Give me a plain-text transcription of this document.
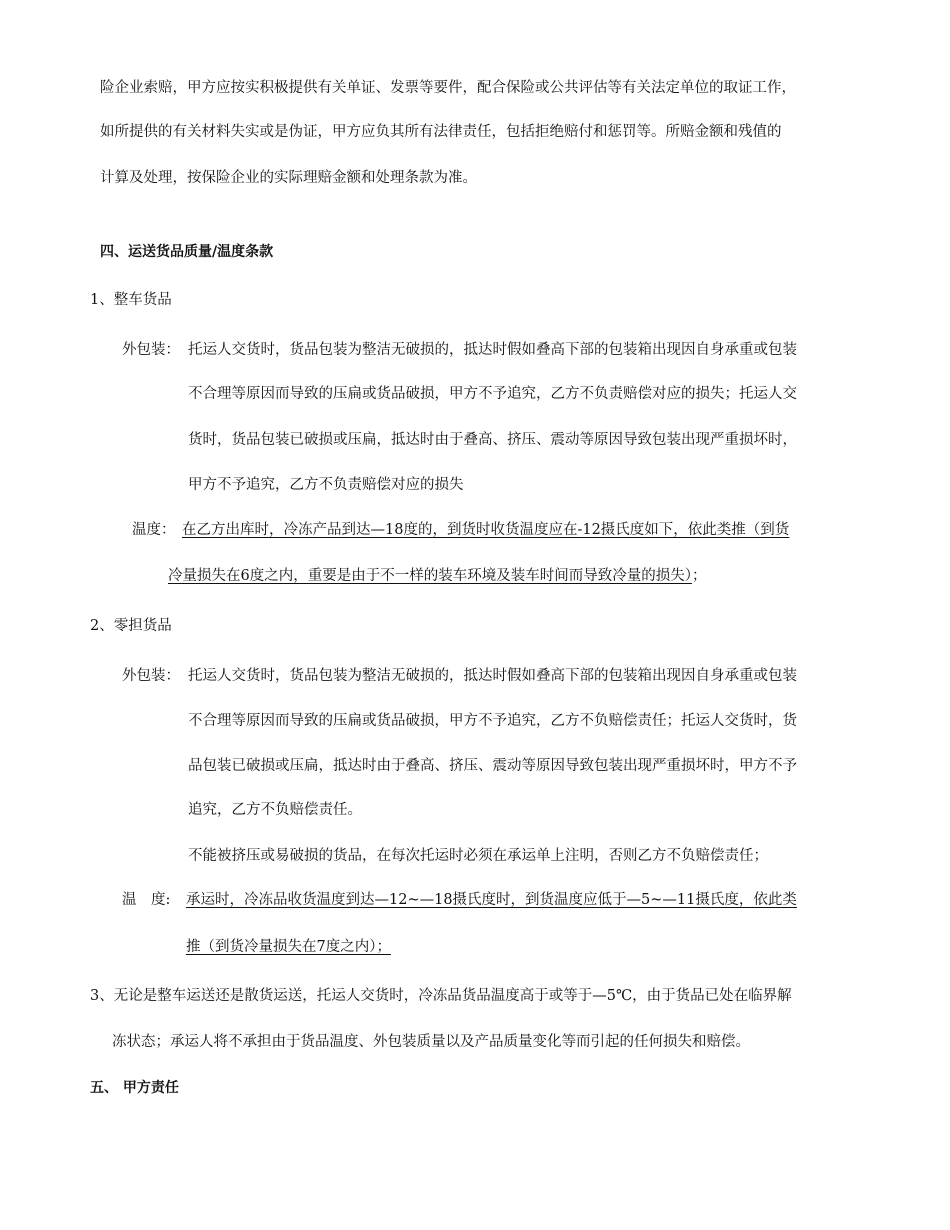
险企业索赔，甲方应按实积极提供有关单证、发票等要件，配合保险或公共评估等有关法定单位的取证工作，
如所提供的有关材料失实或是伪证，甲方应负其所有法律责任，包括拒绝赔付和惩罚等。所赔金额和残值的
计算及处理，按保险企业的实际理赔金额和处理条款为准。
四、运送货品质量/温度条款
1、整车货品
外包装： 托运人交货时，货品包装为整洁无破损的，抵达时假如叠高下部的包装箱出现因自身承重或包装
不合理等原因而导致的压扁或货品破损，甲方不予追究，乙方不负责赔偿对应的损失；托运人交
货时，货品包装已破损或压扁，抵达时由于叠高、挤压、震动等原因导致包装出现严重损坏时，
甲方不予追究，乙方不负责赔偿对应的损失
温度： 在乙方出库时，冷冻产品到达—18度的，到货时收货温度应在-12摄氏度如下，依此类推（到货
冷量损失在6度之内，重要是由于不一样的装车环境及装车时间而导致冷量的损失）；
2、零担货品
外包装： 托运人交货时，货品包装为整洁无破损的，抵达时假如叠高下部的包装箱出现因自身承重或包装
不合理等原因而导致的压扁或货品破损，甲方不予追究，乙方不负赔偿责任；托运人交货时，货
品包装已破损或压扁，抵达时由于叠高、挤压、震动等原因导致包装出现严重损坏时，甲方不予
追究，乙方不负赔偿责任。
不能被挤压或易破损的货品，在每次托运时必须在承运单上注明，否则乙方不负赔偿责任；
温　度: 承运时，冷冻品收货温度到达—12~—18摄氏度时，到货温度应低于—5~—11摄氏度，依此类
推（到货冷量损失在7度之内）；
3、无论是整车运送还是散货运送，托运人交货时，冷冻品货品温度高于或等于—5℃，由于货品已处在临界解
冻状态；承运人将不承担由于货品温度、外包装质量以及产品质量变化等而引起的任何损失和赔偿。
五、 甲方责任
